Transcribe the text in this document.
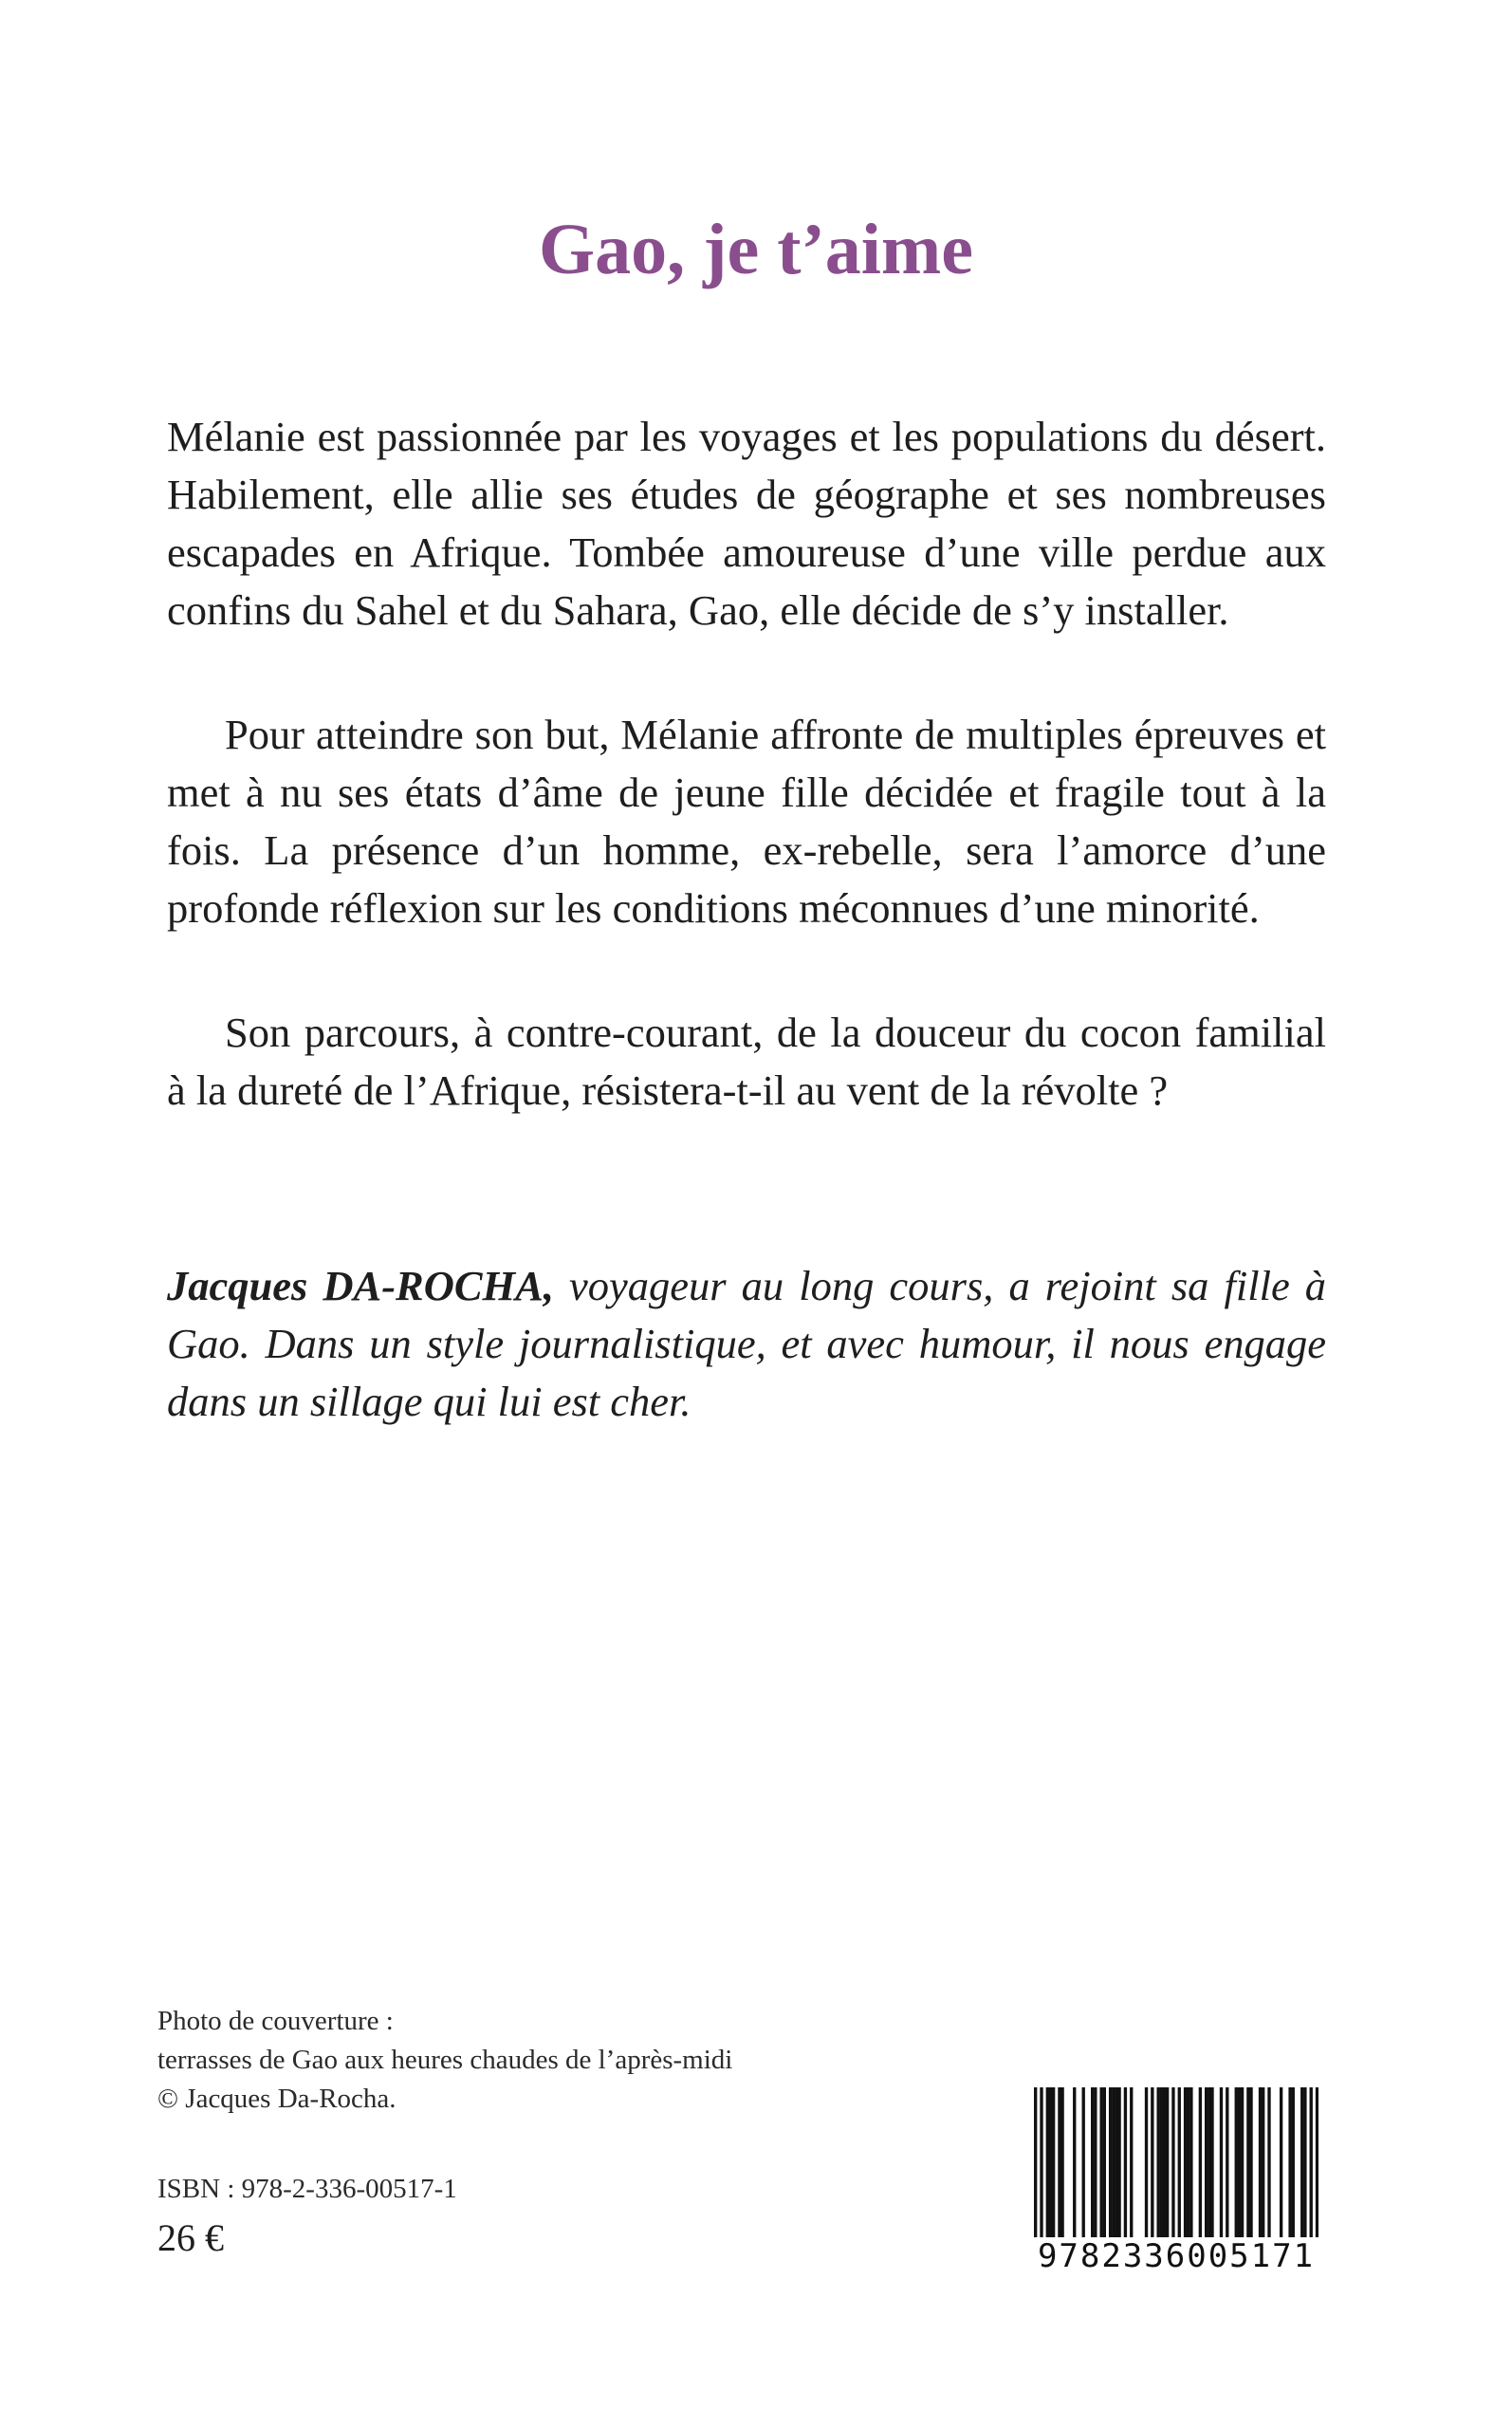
Gao, je t’aime

Mélanie est passionnée par les voyages et les populations du désert. Habilement, elle allie ses études de géographe et ses nombreuses escapades en Afrique. Tombée amoureuse d’une ville perdue aux confins du Sahel et du Sahara, Gao, elle décide de s’y installer.

Pour atteindre son but, Mélanie affronte de multiples épreuves et met à nu ses états d’âme de jeune fille décidée et fragile tout à la fois. La présence d’un homme, ex-rebelle, sera l’amorce d’une profonde réflexion sur les conditions méconnues d’une minorité.

Son parcours, à contre-courant, de la douceur du cocon familial à la dureté de l’Afrique, résistera-t-il au vent de la révolte ?

Jacques DA-ROCHA, voyageur au long cours, a rejoint sa fille à Gao. Dans un style journalistique, et avec humour, il nous engage dans un sillage qui lui est cher.

Photo de couverture :
terrasses de Gao aux heures chaudes de l’après-midi
© Jacques Da-Rocha.
ISBN : 978-2-336-00517-1
26 €	9782336005171
